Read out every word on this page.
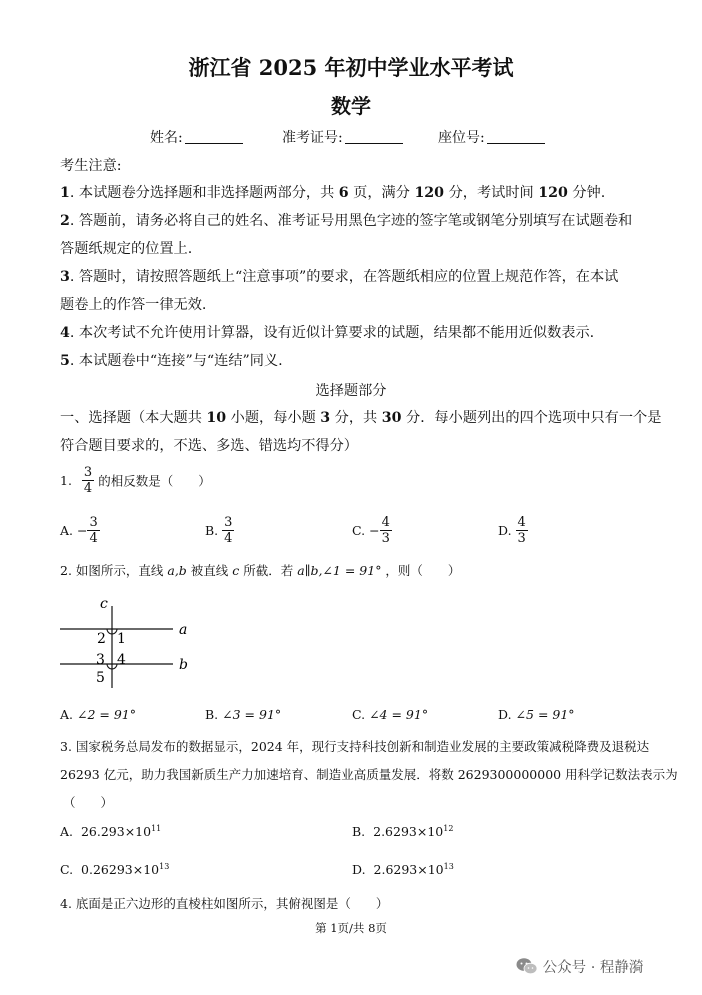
浙江省 2025 年初中学业水平考试
数学
姓名:	准考证号:	座位号:
考生注意:
1. 本试题卷分选择题和非选择题两部分，共 6 页，满分 120 分，考试时间 120 分钟.
2. 答题前，请务必将自己的姓名、准考证号用黑色字迹的签字笔或钢笔分别填写在试题卷和
答题纸规定的位置上.
3. 答题时，请按照答题纸上“注意事项”的要求，在答题纸相应的位置上规范作答，在本试
题卷上的作答一律无效.
4. 本次考试不允许使用计算器，设有近似计算要求的试题，结果都不能用近似数表示.
5. 本试题卷中“连接”与“连结”同义.
选择题部分
一、选择题（本大题共 10 小题，每小题 3 分，共 30 分．每小题列出的四个选项中只有一个是
符合题目要求的，不选、多选、错选均不得分）
1. $\frac{3}{4}$ 的相反数是（　　）
A. − $\frac{3}{4}$	B. $\frac{3}{4}$	C. − $\frac{4}{3}$	D. $\frac{4}{3}$
2. 如图所示，直线 a,b 被直线 c 所截．若 a∥b,∠1 = 91° ，则（　　）
c
a
b
2 1
3 4
5
A. ∠2 = 91°	B. ∠3 = 91°	C. ∠4 = 91°	D. ∠5 = 91°
3. 国家税务总局发布的数据显示，2024 年，现行支持科技创新和制造业发展的主要政策减税降费及退税达
26293 亿元，助力我国新质生产力加速培育、制造业高质量发展．将数 2629300000000 用科学记数法表示为
（　　）
A. $26.293\times 10^{11}$	B. $2.6293\times 10^{12}$
C. $0.26293\times 10^{13}$	D. $2.6293\times 10^{13}$
4. 底面是正六边形的直棱柱如图所示，其俯视图是（　　）
第 1页/共 8页
公众号 · 程静漪
